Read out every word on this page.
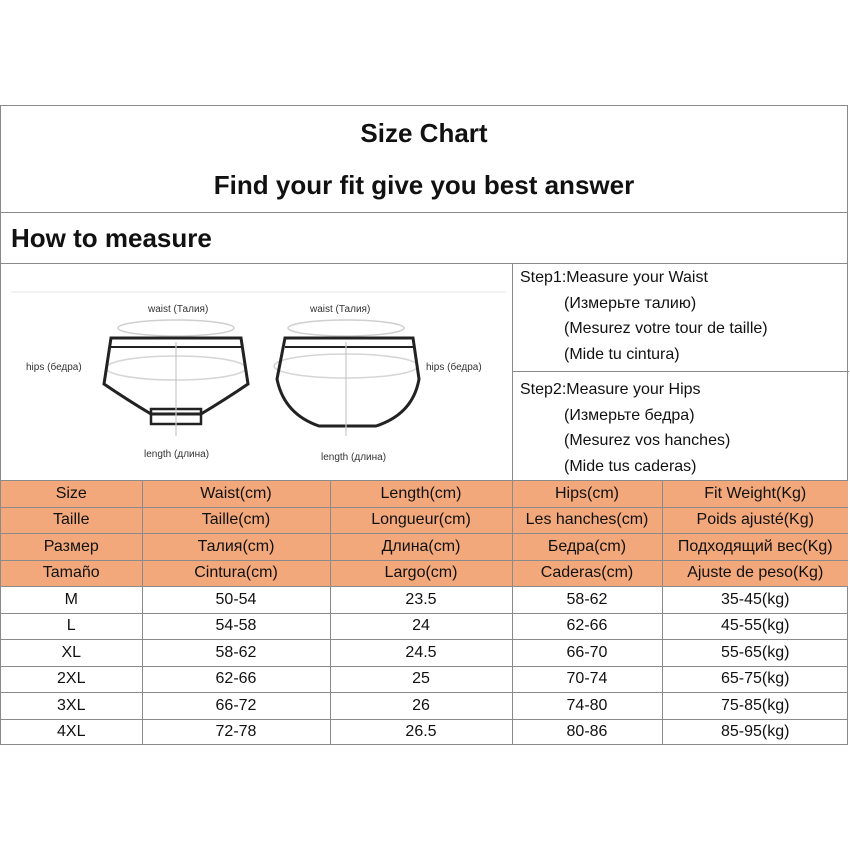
Size Chart
Find your fit give you best answer
How to measure
waist (Талия)	waist (Талия)
hips (бедра)	hips (бедра)
length (длина)	length (длина)
Step1:Measure your Waist
(Измерьте талию)
(Mesurez votre tour de taille)
(Mide tu cintura)
Step2:Measure your Hips
(Измерьте бедра)
(Mesurez vos hanches)
(Mide tus caderas)
Size	Waist(cm)	Length(cm)	Hips(cm)	Fit Weight(Kg)
Taille	Taille(cm)	Longueur(cm)	Les hanches(cm)	Poids ajusté(Kg)
Размер	Талия(cm)	Длина(cm)	Бедра(cm)	Подходящий вес(Kg)
Tamaño	Cintura(cm)	Largo(cm)	Caderas(cm)	Ajuste de peso(Kg)
M	50-54	23.5	58-62	35-45(kg)
L	54-58	24	62-66	45-55(kg)
XL	58-62	24.5	66-70	55-65(kg)
2XL	62-66	25	70-74	65-75(kg)
3XL	66-72	26	74-80	75-85(kg)
4XL	72-78	26.5	80-86	85-95(kg)
